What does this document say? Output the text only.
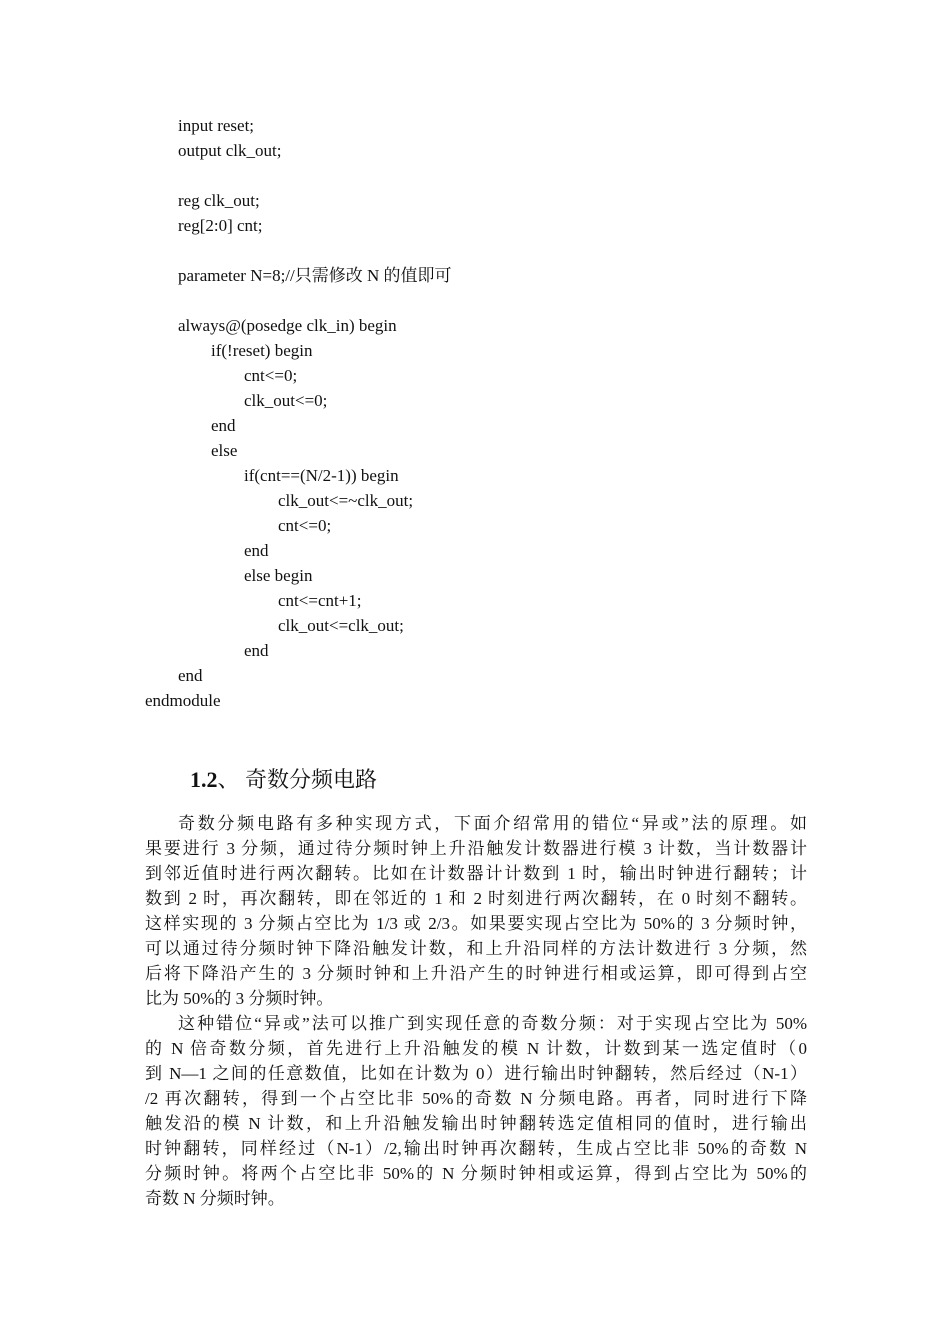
input reset;
output clk_out;
reg clk_out;
reg[2:0] cnt;
parameter N=8;//只需修改 N 的值即可
always@(posedge clk_in) begin
if(!reset) begin
cnt<=0;
clk_out<=0;
end
else
if(cnt==(N/2-1)) begin
clk_out<=~clk_out;
cnt<=0;
end
else begin
cnt<=cnt+1;
clk_out<=clk_out;
end
end
endmodule
1.2、 奇数分频电路
奇数分频电路有多种实现方式，下面介绍常用的错位“异或”法的原理。如
果要进行 3 分频，通过待分频时钟上升沿触发计数器进行模 3 计数，当计数器计
到邻近值时进行两次翻转。比如在计数器计计数到 1 时，输出时钟进行翻转；计
数到 2 时，再次翻转，即在邻近的 1 和 2 时刻进行两次翻转，在 0 时刻不翻转。
这样实现的 3 分频占空比为 1/3 或 2/3。如果要实现占空比为 50%的 3 分频时钟，
可以通过待分频时钟下降沿触发计数，和上升沿同样的方法计数进行 3 分频，然
后将下降沿产生的 3 分频时钟和上升沿产生的时钟进行相或运算，即可得到占空
比为 50%的 3 分频时钟。
这种错位“异或”法可以推广到实现任意的奇数分频：对于实现占空比为 50%
的 N 倍奇数分频，首先进行上升沿触发的模 N 计数，计数到某一选定值时（0
到 N—1 之间的任意数值，比如在计数为 0）进行输出时钟翻转，然后经过（N-1）
/2 再次翻转，得到一个占空比非 50%的奇数 N 分频电路。再者，同时进行下降
触发沿的模 N 计数，和上升沿触发输出时钟翻转选定值相同的值时，进行输出
时钟翻转，同样经过（N-1）/2,输出时钟再次翻转，生成占空比非 50%的奇数 N
分频时钟。将两个占空比非 50%的 N 分频时钟相或运算，得到占空比为 50%的
奇数 N 分频时钟。
